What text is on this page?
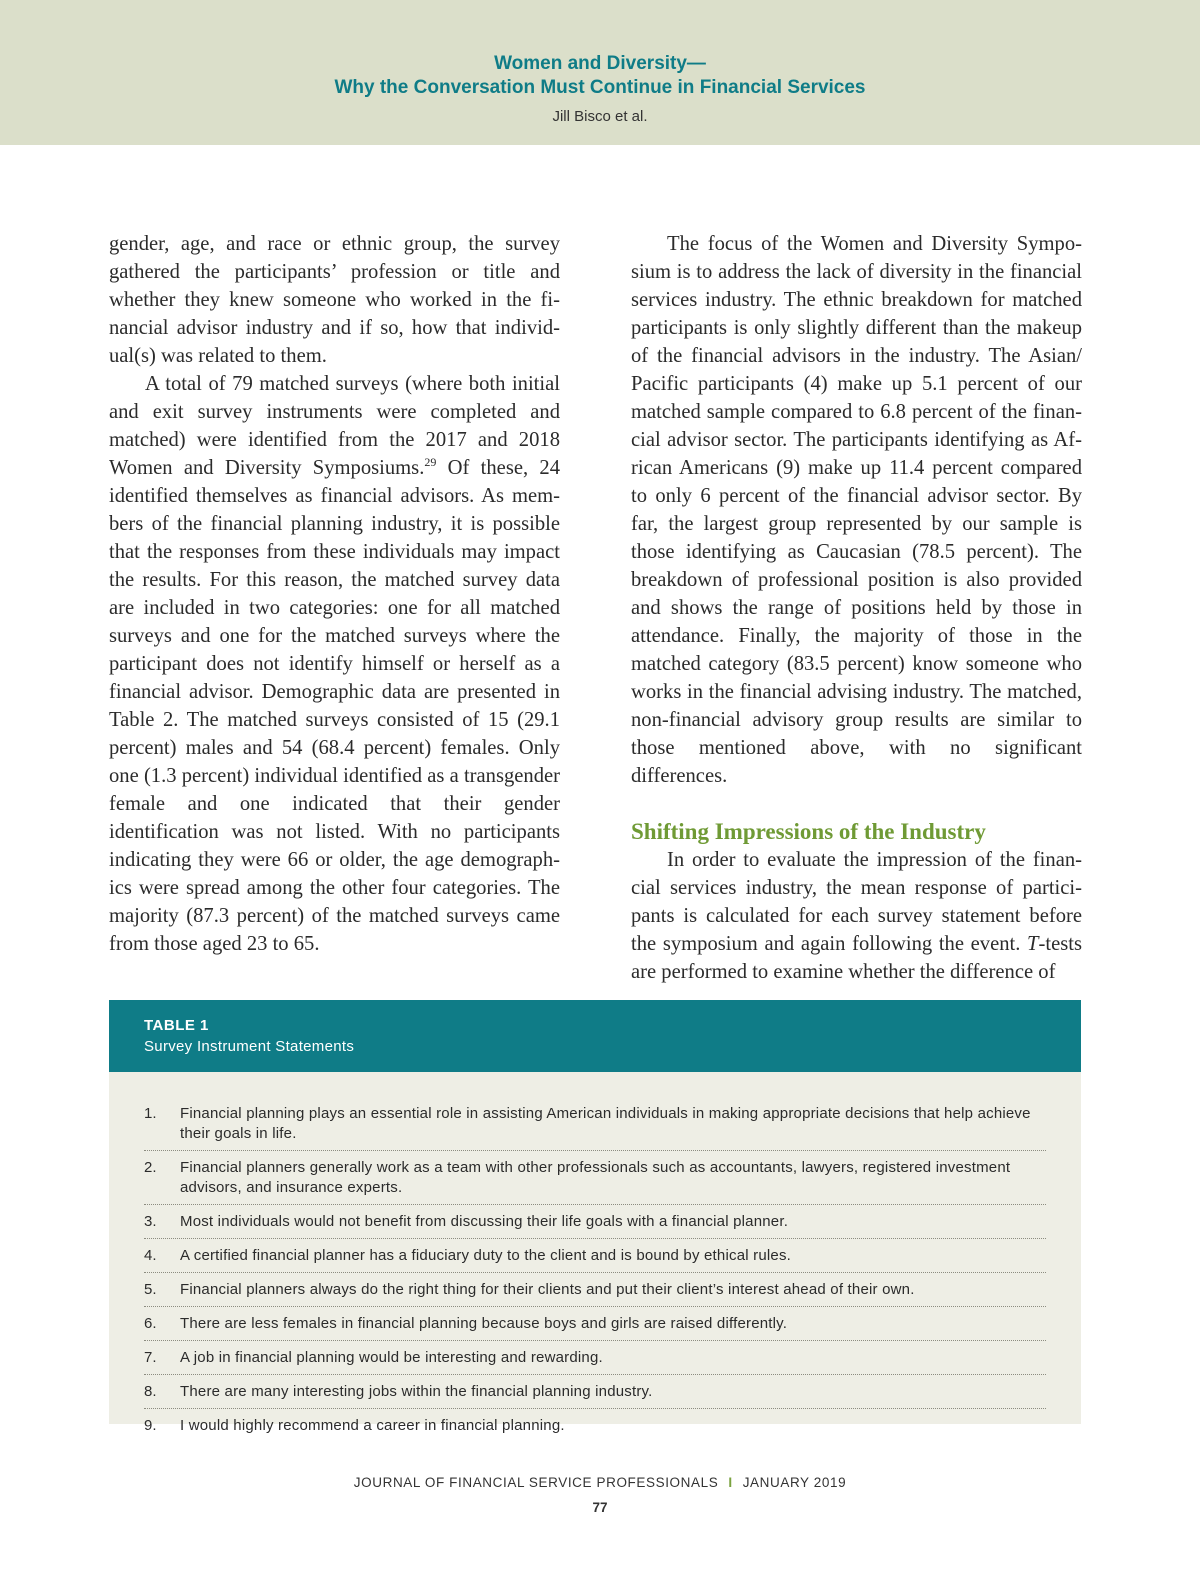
Women and Diversity—
Why the Conversation Must Continue in Financial Services
Jill Bisco et al.

gender, age, and race or ethnic group, the survey gathered the participants’ profession or title and whether they knew someone who worked in the financial advisor industry and if so, how that individual(s) was related to them.

A total of 79 matched surveys (where both initial and exit survey instruments were completed and matched) were identified from the 2017 and 2018 Women and Diversity Symposiums.$^{29}$ Of these, 24 identified themselves as financial advisors. As members of the financial planning industry, it is possible that the responses from these individuals may impact the results. For this reason, the matched survey data are included in two categories: one for all matched surveys and one for the matched surveys where the participant does not identify himself or herself as a financial advisor. Demographic data are presented in Table 2. The matched surveys consisted of 15 (29.1 percent) males and 54 (68.4 percent) females. Only one (1.3 percent) individual identified as a transgender female and one indicated that their gender identification was not listed. With no participants indicating they were 66 or older, the age demographics were spread among the other four categories. The majority (87.3 percent) of the matched surveys came from those aged 23 to 65.

The focus of the Women and Diversity Symposium is to address the lack of diversity in the financial services industry. The ethnic breakdown for matched participants is only slightly different than the makeup of the financial advisors in the industry. The Asian/ Pacific participants (4) make up 5.1 percent of our matched sample compared to 6.8 percent of the financial advisor sector. The participants identifying as African Americans (9) make up 11.4 percent compared to only 6 percent of the financial advisor sector. By far, the largest group represented by our sample is those identifying as Caucasian (78.5 percent). The breakdown of professional position is also provided and shows the range of positions held by those in attendance. Finally, the majority of those in the matched category (83.5 percent) know someone who works in the financial advising industry. The matched, non-financial advisory group results are similar to those mentioned above, with no significant differences.

Shifting Impressions of the Industry

In order to evaluate the impression of the financial services industry, the mean response of participants is calculated for each survey statement before the symposium and again following the event. T-tests are performed to examine whether the difference of

TABLE 1
Survey Instrument Statements
1.	Financial planning plays an essential role in assisting American individuals in making appropriate decisions that help achieve their goals in life.
2.	Financial planners generally work as a team with other professionals such as accountants, lawyers, registered investment advisors, and insurance experts.
3.	Most individuals would not benefit from discussing their life goals with a financial planner.
4.	A certified financial planner has a fiduciary duty to the client and is bound by ethical rules.
5.	Financial planners always do the right thing for their clients and put their client’s interest ahead of their own.
6.	There are less females in financial planning because boys and girls are raised differently.
7.	A job in financial planning would be interesting and rewarding.
8.	There are many interesting jobs within the financial planning industry.
9.	I would highly recommend a career in financial planning.
JOURNAL OF FINANCIAL SERVICE PROFESSIONALS I JANUARY 2019
77
